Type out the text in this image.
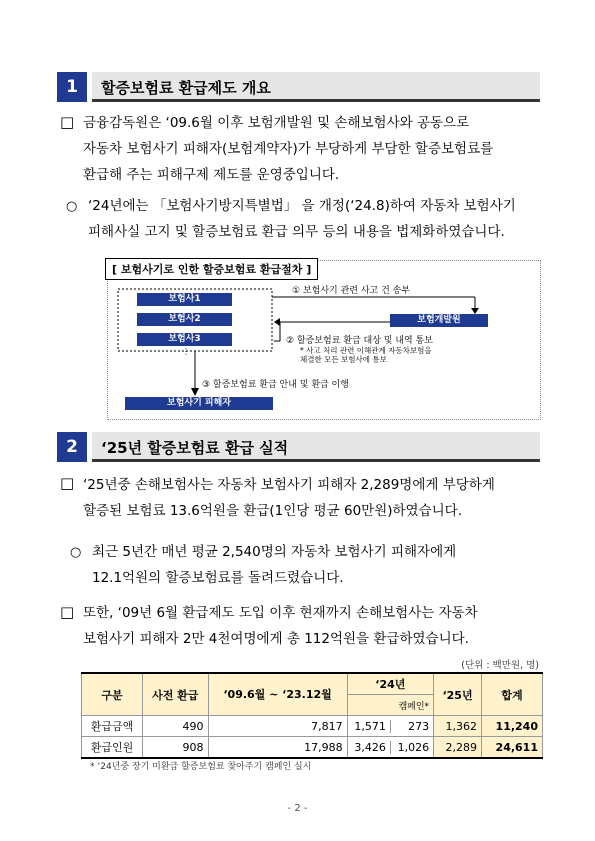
1	할증보험료 환급제도 개요
□ 금융감독원은 ‘09.6월 이후 보험개발원 및 손해보험사와 공동으로
자동차 보험사기 피해자(보험계약자)가 부당하게 부담한 할증보험료를
환급해 주는 피해구제 제도를 운영중입니다.
○ ‘24년에는 「보험사기방지특별법」 을 개정(‘24.8)하여 자동차 보험사기
피해사실 고지 및 할증보험료 환급 의무 등의 내용을 법제화하였습니다.
[ 보험사기로 인한 할증보험료 환급절차 ]
보험사1
보험사2
보험사3
⋮
보험개발원
① 보험사기 관련 사고 건 송부
② 할증보험료 환급 대상 및 내역 통보
* 사고 처리 관련 이해관계 자동차보험을
체결한 모든 보험사에 통보
③ 할증보험료 환급 안내 및 환급 이행
보험사기 피해자
2	‘25년 할증보험료 환급 실적
□ ‘25년중 손해보험사는 자동차 보험사기 피해자 2,289명에게 부당하게
할증된 보험료 13.6억원을 환급(1인당 평균 60만원)하였습니다.
○ 최근 5년간 매년 평균 2,540명의 자동차 보험사기 피해자에게
12.1억원의 할증보험료를 돌려드렸습니다.
□ 또한, ‘09년 6월 환급제도 도입 이후 현재까지 손해보험사는 자동차
보험사기 피해자 2만 4천여명에게 총 112억원을 환급하였습니다.
(단위 : 백만원, 명)
구분	사전 환급	‘09.6월 ~ ‘23.12월	‘24년	‘25년	합계
			캠페인*		
환급금액	490	7,817	1,571 273	1,362	11,240
환급인원	908	17,988	3,426 1,026	2,289	24,611
* ‘24년중 장기 미환급 할증보험료 찾아주기 캠페인 실시
- 2 -
